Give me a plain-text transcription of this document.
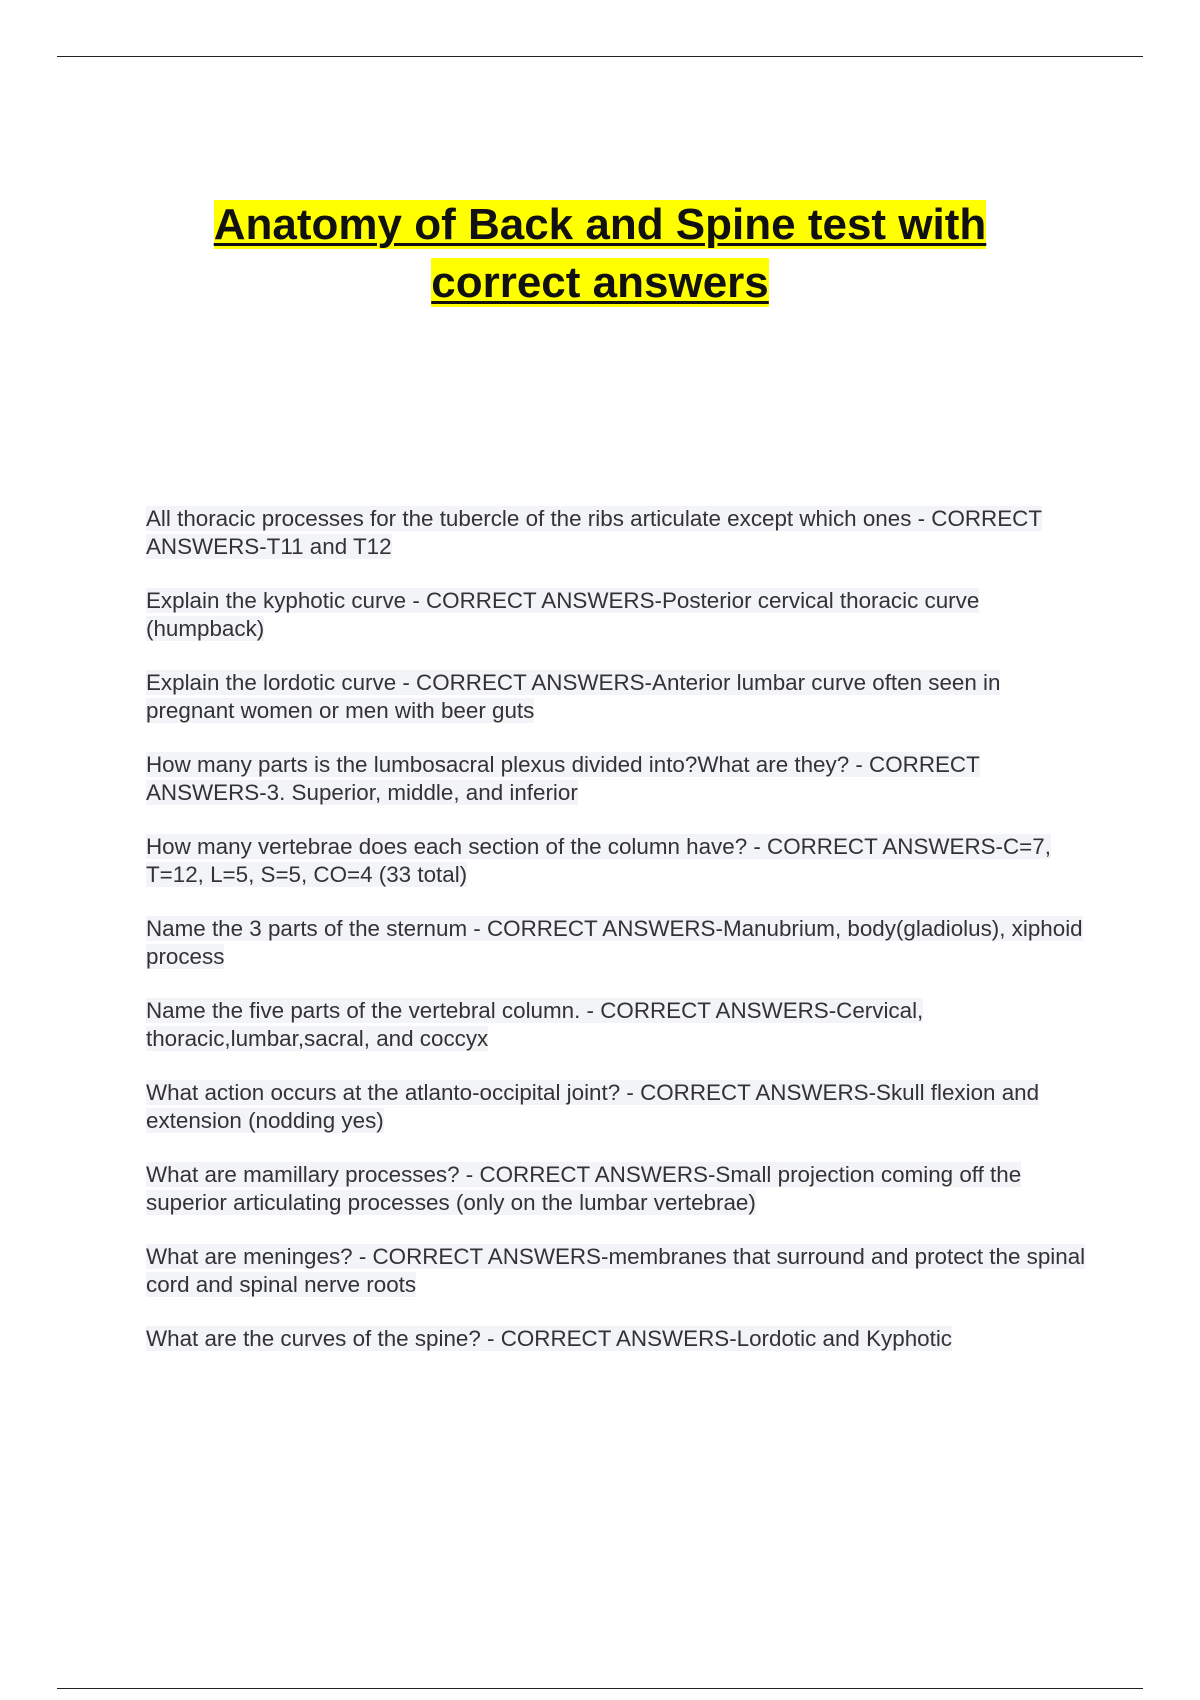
Anatomy of Back and Spine test with
correct answers
All thoracic processes for the tubercle of the ribs articulate except which ones - CORRECT ANSWERS-T11 and T12
Explain the kyphotic curve - CORRECT ANSWERS-Posterior cervical thoracic curve (humpback)
Explain the lordotic curve - CORRECT ANSWERS-Anterior lumbar curve often seen in pregnant women or men with beer guts
How many parts is the lumbosacral plexus divided into?What are they? - CORRECT ANSWERS-3. Superior, middle, and inferior
How many vertebrae does each section of the column have? - CORRECT ANSWERS-C=7, T=12, L=5, S=5, CO=4 (33 total)
Name the 3 parts of the sternum - CORRECT ANSWERS-Manubrium, body(gladiolus), xiphoid process
Name the five parts of the vertebral column. - CORRECT ANSWERS-Cervical, thoracic,lumbar,sacral, and coccyx
What action occurs at the atlanto-occipital joint? - CORRECT ANSWERS-Skull flexion and extension (nodding yes)
What are mamillary processes? - CORRECT ANSWERS-Small projection coming off the superior articulating processes (only on the lumbar vertebrae)
What are meninges? - CORRECT ANSWERS-membranes that surround and protect the spinal cord and spinal nerve roots
What are the curves of the spine? - CORRECT ANSWERS-Lordotic and Kyphotic
